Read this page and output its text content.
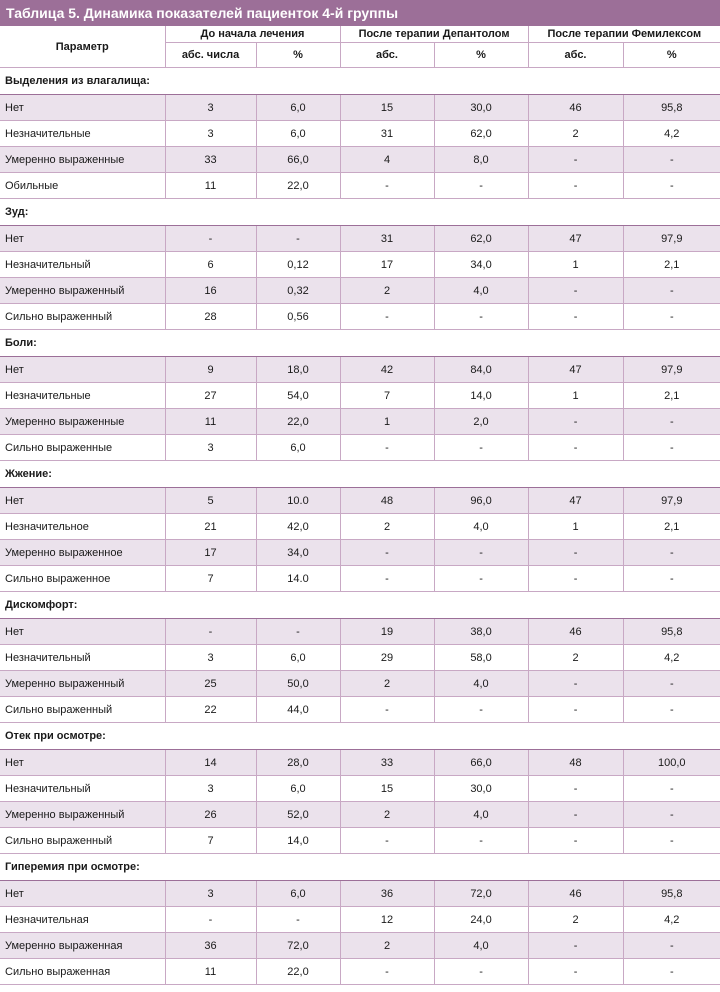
Таблица 5. Динамика показателей пациенток 4-й группы
Параметр	До начала лечения		После терапии Депантолом		После терапии Фемилексом	
	абс. числа	%	абс.	%	абс.	%
Выделения из влагалища:						
Нет	3	6,0	15	30,0	46	95,8
Незначительные	3	6,0	31	62,0	2	4,2
Умеренно выраженные	33	66,0	4	8,0	-	-
Обильные	11	22,0	-	-	-	-
Зуд:						
Нет	-	-	31	62,0	47	97,9
Незначительный	6	0,12	17	34,0	1	2,1
Умеренно выраженный	16	0,32	2	4,0	-	-
Сильно выраженный	28	0,56	-	-	-	-
Боли:						
Нет	9	18,0	42	84,0	47	97,9
Незначительные	27	54,0	7	14,0	1	2,1
Умеренно выраженные	11	22,0	1	2,0	-	-
Сильно выраженные	3	6,0	-	-	-	-
Жжение:						
Нет	5	10.0	48	96,0	47	97,9
Незначительное	21	42,0	2	4,0	1	2,1
Умеренно выраженное	17	34,0	-	-	-	-
Сильно выраженное	7	14.0	-	-	-	-
Дискомфорт:						
Нет	-	-	19	38,0	46	95,8
Незначительный	3	6,0	29	58,0	2	4,2
Умеренно выраженный	25	50,0	2	4,0	-	-
Сильно выраженный	22	44,0	-	-	-	-
Отек при осмотре:						
Нет	14	28,0	33	66,0	48	100,0
Незначительный	3	6,0	15	30,0	-	-
Умеренно выраженный	26	52,0	2	4,0	-	-
Сильно выраженный	7	14,0	-	-	-	-
Гиперемия при осмотре:						
Нет	3	6,0	36	72,0	46	95,8
Незначительная	-	-	12	24,0	2	4,2
Умеренно выраженная	36	72,0	2	4,0	-	-
Сильно выраженная	11	22,0	-	-	-	-
